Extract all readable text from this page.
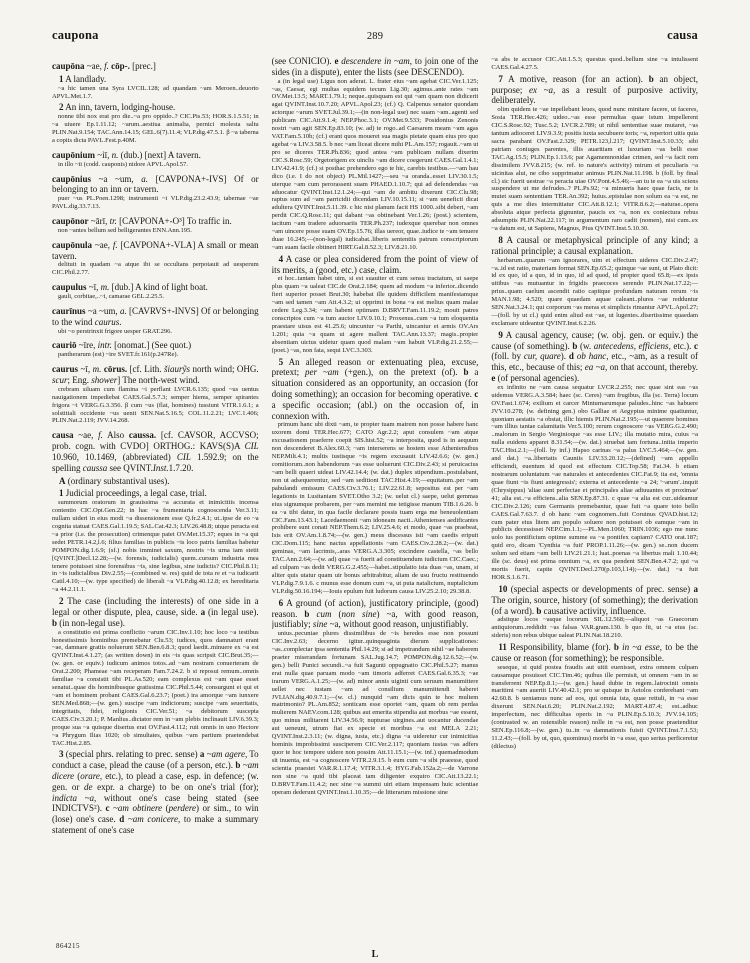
caupona	289	causa

caupōna ~ae, f. cōp-. [prec.]

1 A landlady.

~a hic tamen una Syra LVCIL.128; ad quandam ~am Meroen..deuorto APVL.Met.1.7.

2 An inn, tavern, lodging-house.

nonne tibi nox erat pro die..~a pro oppido..? CIC.Pis.53; HOR.S.1.5.51; in ~a uiuere Ep.1.11.12; ~arum..aestiua animalia, pernici molesta saltu PLIN.Nat.9.154; TAC.Ann.14.15; GEL.6(7).11.4; VLP.dig.47.5.1. β ~a taberna a copiis dicta PAVL.Fest.p.40M.

caupōnium ~iī, n. (dub.) [next] A tavern.

in illo ~ii (codd. cauponis) nidore APVL.Apol.57.

caupōnius ~a ~um, a. [CAVPONA+-IVS] Of or belonging to an inn or tavern.

puer ~us PL.Poen.1298; instrumenti ~i VLP.dig.23.2.43.9; tabernae ~ae PAVL.dig.33.7.13.

caupōnor ~ārī, tr. [CAVPONA+-O³] To traffic in.

non ~antes bellum sed belligerantes ENN.Ann.195.

caupōnula ~ae, f. [CAVPONA+-VLA] A small or mean tavern.

delituit in quadam ~a atque ibi se occultans perpotauit ad uesperum CIC.Phil.2.77.

caupulus ~ī, m. [dub.] A kind of light boat.

gauli, corbitae,..~i, camarae GEL.2.25.5.

caurīnus ~a ~um, a. [CAVRVS+-INVS] Of or belonging to the wind caurus.

ubi ~o perstrinxit frigore uesper GRAT.296.

cauriō ~īre, intr. [onomat.] (See quot.)

pantherarum (est) ~ire SVET.fr.161(p.247Re).

caurus ~ī, m. cōrus. [cf. Lith. šiaurỹs north wind; OHG. scur; Eng. shower] The north-west wind.

crebram siluam cum flamina ~i perflant LVCR.6.135; quod ~us uentus nauigationem impediebat CAES.Gal.5.7.3; semper hiems, semper spirantes frigora ~i VERG.G.3.356. β cum ~us (flat, homines) tussiunt VITR.1.6.1; a solstitiali occidente ~us uenit SEN.Nat.5.16.5; COL.11.2.21; LVC.1.406; PLIN.Nat.2.119; JVV.14.268.

causa ~ae, f. Also caussa. [cf. CAVSOR, ACCVSO; prob. cogn. with CVDO] ORTHOG.: KAVS(S)A CIL 10.960, 10.1469, (abbreviated) CIL 1.592.9; on the spelling caussa see QVINT.Inst.1.7.20.

A (ordinary substantival uses).

1 Judicial proceedings, a legal case, trial.

summorum oratorum in grauissima ~a accurata et inimicitiis incensa contentio CIC.Opt.Gen.22; in hac ~a frumentaria cognoscenda Ver.3.11; nullam uideri in eius modi ~a dissensionem esse Q.fr.2.4.1; ut..ipse de eo ~a cognita statuat CAES.Gal.1.19.5; SAL.Cat.42.3; LIV.26.48.8; utque peracta est ~a prior (i.e. the prosecution) crimenque patet OV.Met.15.37; eques in ~a qui sedet PETR.14.2,l.6; filius familias in publicis ~is loco patris familias habetur POMPON.dig.1.6.9; (sf.) nobis imminet saxum, nostris ~is urna iam stetit [QVINT.]Decl.12.28;—(w. forensis, iudicialis) quem..cursum industria mea tenere potuisset sine forensibus ~is, sine legibus, sine iudiciis? CIC.Phil.8.11; in ~is iudicialibus Div.2.55;—(combined w. res) quid de tota re et ~a iudicarit Catil.4.10;—(w. type specified) de liberali ~a VLP.dig.40.12.8; ex hereditaria ~a 44.2.11.1.

2 The case (including the interests) of one side in a legal or other dispute, plea, cause, side. a (in legal use). b (in non-legal use).

a constitutio est prima conflictio ~arum CIC.Inv.1.10; hoc loco ~a testibus honestissimis hominibus premebatur Clu.53; iudices, quos damnaturi erant ~ae, damnare gratiis noluerunt SEN.Ben.6.8.3; quod laedit..minuere ex ~a est QVINT.Inst.4.1.27; (as written down) in eis ~is quas scripsit CIC.Brut.35;—(w. gen. or equiv.) iudicum animos totos..ad ~am nostram conuerteram de Orat.2.200; Phameae ~am receperam Fam.7.24.2. b si reposui remum..omnis familiae ~a consistit tibi PL.As.520; eam complexus est ~am quae esset senatui..quae dis hominibusque gratissima CIC.Phil.5.44; consurgunt ei qui et ~am et hominem probant CAES.Gal.6.23.7; (poet.) ira amorque ~am iunxere SEN.Med.868;—(w. gen.) suscipe ~am indiciorum; suscipe ~am seueritatis, integritatis, fidei, religionis CIC.Ver.51; ~a debitorum suscepta CAES.Civ.3.20.1; P. Manlius..dictator rem in ~am plebis inclinauit LIV.6.39.3; proque sua ~a quisque disertus erat OV.Fast.4.112; ruit omnis in uno Hectore ~a Phrygum Ilias 1020; ob simultates, quibus ~am partium praetendebat TAC.Hist.2.85.

3 (special phrs. relating to prec. sense) a ~am agere, To conduct a case, plead the cause (of a person, etc.). b ~am dicere (orare, etc.), to plead a case, esp. in defence; (w. gen. or de expr. a charge) to be on one's trial (for); indicta ~a, without one's case being stated (see INDICTVS²). c ~am obtinere (perdere) or sim., to win (lose) one's case. d ~am conicere, to make a summary statement of one's case

(see CONICIO). e descendere in ~am, to join one of the sides (in a dispute), enter the lists (see DESCENDO).

a (in legal use) Ligus non aderat. L. frater eius ~am agebat CIC.Ver.1.125; ~as, Caesar, egi multas equidem tecum Lig.30; agimus..ante rates ~am OV.Met.13.5; MART.1.79.1; neque..quisquam est qui ~am quam non didicerit agat QVINT.Inst.10.7.20; APVL.Apol.23; (cf.) Q. Calpenus senator quondam actorque ~arum SVET.Jul.39.1;—(in non-legal use) nec suam ~am..agenti sed publicam CIC.Att.9.1.4; NEP.Phoc.3.1; OV.Met.9.533; Posidonius Zenonis nostri ~am agit SEN.Ep.83.10; (w. ad) te rogo..ad Caesarem meam ~am agas VAT.Fam.5.10b; (cf.) erant quos moueret sua magis pietate quam eius pro quo agebat ~a LIV.3.58.5. b nec ~am liceat dicere mihi PL.Am.157; rogauit..~am ut pro se diceres TER.Ph.836; quod antea ~am publicam nullam dixerim CIC.S.Rosc.59; Orgetorigem ex uinclis ~am dicere coegerunt CAES.Gal.1.4.1; LIV.42.41.9; (cf.) si posthac prehendero ego te hic, carebis testibus.—~am hau dico (i.e. I do not object) PL.Mil.1427;—seu ~a oranda..esset LIV.30.1.5; uterque ~am cum perorassent suam PHAED.1.10.7; qui ad defendendas ~as aduocatur QVINT.Inst.12.1.24;—qui ~am de ambitu dixerunt CIC.Clu.98; raptus sum ad ~am parricidii dicendam LIV.10.15.11; si ~am ueneficii dicat adultera QVINT.Inst.5.11.39. c hic nisi planum facit HS 1000..sibi deberi, ~am perdit CIC.Q.Rosc.11; qui dabant ~as obtinebant Ver.1.26; (post.) scientem, tacitum ~am tradere aduorsariis TER.Ph.237; iudexque querebar non omnes ~am uincere posse suam OV.Ep.15.76; illas uereor, quae..iudice te ~am tenuere duae 16.245;—(non-legal) iudicabat..liberis sententiis patrum conscriptorum ~am suam facile obtineri HIRT.Gal.8.52.3; LIV.8.21.10.

4 A case or plea considered from the point of view of its merits, a (good, etc.) case, claim.

et hoc..tantam habet uim, si est suauiter et cum sensu tractatum, ut saepe plus quam ~a ualeat CIC.de Orat.2.184; quem ad modum ~a inferior..dicendo fieri superior posset Brut.30; habebat ille quidem difficilem manifestamque ~am sed tamen ~am Att.4.3.2; ui opprimi in bona ~a est melius quam malae cedere Leg.3.34; ~am habent optimam D.BRVT.Fam.11.19.2; mouit patres conscriptos cum ~a tum auctor LIV.9.10.1; Proxenus..cum ~a tum eloquentia praestare uisus est 41.25.6; uincuntur ~a Parthi, uincantur et armis OV.Ars 1.201; quia ~a quam ui agere mallent TAC.Ann.13.37; magis..propter absentiam uictus uidetur quam quod malam ~am habuit VLP.dig.21.2.55;—(poet.) ~as, non fata, sequi LVC.3.303.

5 An alleged reason or extenuating plea, excuse, pretext; per ~am (+gen.), on the pretext (of). b a situation considered as an opportunity, an occasion (for doing something); an occasion for becoming operative. c a specific occasion; (abl.) on the occasion of, in connexion with.

primum hanc ubi dixti ~am, te propter tuam matrem non posse habere hanc uxorem domi TER.Hec.677; CATO Agr.2.2; aput consulem ~am atque excusationem praeferre coepit SIS.hist.52; ~a interposita, quod is in aequum non descenderet B.Alex.60.3; ~am interserens se hostem esse Atheniensibus NEP.Milt.4.1; multis iustisque ~is regem excusauit LIV.42.6.6; (w. gen.) comitiorum..non habendorum ~as esse uoluerunt CIC.Div.2.43; si peruicacius ~am belli quaeri uideat LIV.42.14.4; (w. dat.) duplex stipendium..postulabant, non ut adsequerentur, sed ~am seditioni TAC.Hist.4.19;—equitatum..per ~am pabulandi emissum CAES.Civ.3.76.1; LIV.22.61.8; sepositus est per ~am legationis in Lusitaniam SVET.Otho 3.2; (w. uelut cl.) saepe, uelut gemmas eius signumque probarem, per ~am memini me tetigisse manum TIB.1.6.26. b ea ~a tibi datur, in qua facile declarare possis tuam erga me beneuolentiam CIC.Fam.13.43.1; Lacedaemonii ~am idoneam nacti..Athenienses aedificantes prohibere sunt conati NEP.Them.6.2; LIV.25.4.6; et modo, quae ~as praebeat, Isis erit OV.Am.1.8.74;—(w. gen.) meus discessus isti ~am caedis eripuit CIC.Dom.115; hanc nactus appellationis ~am CAES.Civ.2.28.2;—(w. dat.) geminas, ~am lacrimis,..aras VERG.A.3.305; excindere castella, ~as bello TAC.Ann.2.64;—(w. ad) quae ~a fuerit ad constituendum iudicium CIC.Caec.; ad culpam ~as dedit VERG.G.2.455;—habet..stipulatio ista duas ~as, unam, si aliter quis utatur quam uir bonus arbitrabitur, aliam de usu fructu restituendo VLP.dig.7.9.1.6. c munus esse donum cum ~a, ut puta natalicium, nuptalicium VLP.dig.50.16.194;—Iouis epulum fuit ludorum causa LIV.25.2.10; 29.38.8.

6 A ground (of action), justificatory principle, (good) reason. b cum (non sine) ~a, with good reason, justifiably; sine ~a, without good reason, unjustifiably.

unius..pecuniae plures dissimilibus de ~is heredes esse non possunt CIC.Inv.2.63; decerno igitur..quinquaginta dierum supplicationes: ~as..complectar ipsa sententia Phil.14.29; si ad impetrandum nihil ~ae haberem praeter miserandam fortunam SAL.Jug.14.7; POMPON.dig.12.6.52;—(w. gen.) belli Punici secundi..~a fuit Sagunti oppugnatio CIC.Phil.5.27; manus erat nulla quae paruam modo ~am timoris adferret CAES.Gal.6.35.3; ~ae irarum VERG.A.1.25;—(w. ad) minor annis uiginti cum seruum manumittere uellet nec iustam ~am ad consilium manumittendi haberet JVLIAN.dig.40.9.7.1;—(w. cl.) nunquid ~am dicis quin te hoc multem matrimonio? PL.Am.852; sonticam esse oportet ~am, quam ob rem perdas mulierem NAEV.com.128; quibus aut emerita stipendia aut morbus ~ae essent, quo minus militarent LIV.34.56.9; nupturae uirgines..aut uocantur ducendae aut ueneunt, utrum fiat ex specie et moribus ~a est MELA 2.21; QVINT.Inst.2.3.11; (w. digna, iusta, etc.) digna ~a uideretur cur inimicitias hominis improbissimi susciperem CIC.Ver.2.117; quoniam iustas ~as adfers quor te hoc tempore uidere non possim Att.11.15.1;—(w. inf.) quemadmodum sit inuenta, est ~a cognoscere VITR.2.9.15. b eum cum ~a sibi praeesse, quod scientia praestet VAR.R.1.17.4; VITR.3.1.4; HYG.Fab.152a.2;—de Varrone non sine ~a quid tibi placeat tam diligenter exquiro CIC.Att.13.22.1; D.BRVT.Fam.11.4.2; nec sine ~a summi uiri etiam impensam huic scientiae operam dederunt QVINT.Inst.1.10.35;—de litterarum missione sine

~a abs te accusor CIC.Att.1.5.3; questus quod..bellum sine ~a intulissent CAES.Gal.4.27.5.

7 A motive, reason (for an action). b an object, purpose; ex ~a, as a result of purposive activity, deliberately.

olim quidem te ~ae inpellebant leues, quod nunc minitare facere, ut faceres, Sosia TER.Hec.426; uideo..~as esse permultas quae istum impellerent CIC.S.Rosc.92; Tusc.5.2; LVCR.2.789; ut nihil sententiae suae mutaret, ~as tantum adioceret LIV.9.3.9; positis iuxta secubuere toris; ~a, repertori uitis quia sacra parabant OV.Fast.2.329; PETR.123,l.217; QVINT.Inst.5.10.33; sibi patriam coniuges parentes, illis auaritiam et luxuriam ~as belli esse TAC.Ag.15.5; PLIN.Ep.1.13.6; par Agamemnonidae crimen, sed ~a facit rem dissimilem JVV.8.215; (w. ref. to nature's activity) mirum et peculiaris ~a uicinitas alui, ne cibo supprimatur animus PLIN.Nat.11.198. b (foll. by final cl.) sic fuerit uestrae ~a peracta uiae OV.Pont.4.5.46;—an tu te ea ~a uis sciens suspendere ut me defrudes..? PL.Ps.92; ~a minueris haec quae facis, ne is mutet suam sententiam TER.An.392; huius..epistulae non solum ea ~a est, ne quis a me dies intermittatur CIC.Att.8.12.1; VITR.8.6.2;—naturae..opera absoluta atque perfecta gignuntur, paucis ex ~a, non ex coniectura rebus adsumptis PLIN.Nat.22.117; in argumentum raro cadit (nomen), nisi cum..ex ~a datum est, ut Sapiens, Magnus, Pius QVINT.Inst.5.10.30.

8 A causal or metaphysical principle of any kind; a rational principle; a causal explanation.

herbarum..quarum ~am ignorares, uim et effectum uideres CIC.Div.2.47; ~a..id est ratio, materiam format SEN.Ep.65.2; quinque ~ae sunt, ut Plato dicit: id ex quo, id a quo, id in quo, id ad quod, id propter quod 65.8;—ex ipsis uitibus ~as mutuantur in frigidis praecoces serendo PLIN.Nat.17.22;—prius..quam caelum ascendit ratio capitque profundam naturam rerum ~is MAN.1.98; 4.520; quare quaedam aquae caleant..plures ~ae redduntur SEN.Nat.3.24.1; qui corporum ~as meras et simplicis rimantur APVL.Apol.27;—(foll. by ut cl.) quid enim aliud est ~ae, ut lugentes..disertissime quaedam exclamare uideantur QVINT.Inst.6.2.26.

9 A causal agency, cause; (w. obj. gen. or equiv.) the cause (of something). b (w. antecedens, efficiens, etc.). c (foll. by cur, quare). d ob hanc, etc., ~am, as a result of this, etc., because of this; ea ~a, on that account, thereby. e (of personal agencies).

ex infinito ne ~am causa sequatur LVCR.2.255; nec quae sint eas ~as uidemus VERG.A.3.584; haec (sc. Ceres) ~am frugibus, illa (sc. Terra) locum OV.Fast.1.674; exilium et carcer Minturnarumque paludes..hinc ~as habuere JVV.10.278; (w. defining gen.) obo Galliae et Aegyptus minime quatiuntur, quoniam aestatis ~a obstat, illic hiemis PLIN.Nat.2.195;—ut quaerere homines ~am illius tantae calamitatis Ver.5.100; rerum cognoscere ~as VERG.G.2.490; ..malorum in Sergio Verginioque ~as esse LIV.; illa mutatio mira, cuius ~a nulla euidens apparet 8.31.54;—(w. dat.) struebat iam fortuna..initia imperio TAC.Hist.2.1;—(foll. by inf.) Hapso carinas ~a palus LVC.5.464;—(w. gen. and dat.) ~a..libertatis Cauniis LIV.33.20.12;—(defined) ~am appello efficiendi, euentum id quod est effectum CIC.Top.58; Fat.34. b etiam nostrarum uoluntatum ~ae naturales et antecedentes CIC.Fat.9; ita est, 'omnia quae fiunt ~is fiunt antegressis'; externa et antecedente ~a 24; '~arum'..inquit (Chrysippus) 'aliae sunt perfectae et principales aliae adiuuantes et proximae' 41; alia est..~a efficiens..alia SEN.Ep.87.31. c quae ~a alia est cur..uideamur CIC.Div.2.126; cum Germanis premebantur, quae fuit ~a quare toto bello CAES.Gal.7.63.7. d ob hanc ~am cognomen..fuit Coruinus QVAD.hist.12; cum pater eius litem am populo soluere non potuisset ob eamque ~am in publicis decessisset NEP.Cim.1.1;—PL.Men.1060; TRIN.1036; ego me nunc uolo ius pontificium optime summe ea ~a pontifex capiam? CATO orat.187; quid ero, dicam 'Cynthia ~a fuit' PROP.1.11.26;—(w. gen.) se..non ducem solum sed etiam ~am belli LIV.21.21.1; luat..poenas ~a libertus mali 1.10.44; ille (sc. deus) est prima omnium ~a, ex qua pendent SEN.Ben.4.7.2; qui ~a mortis fuerit, capite QVINT.Decl.270(p.103,l.14);—(w. dat.) ~a fuit HOR.S.1.6.71.

10 (special aspects or developments of prec. sense) a The origin, source, history (of something); the derivation (of a word). b causative activity, influence.

adsitque locos ~asque locorum SIL.12.568;—aliquot ~as Graecorum antiquiorum..reddidit ~as falsas VAR.gram.130. b quo fit, ut ~a eius (sc. sideris) non rebus ubique ualeat PLIN.Nat.18.210.

11 Responsibility, blame (for). b in ~a esse, to be the cause or reason (for something); be responsible.

seseque, si quid postea fraudis aut uitii euenisset, extra omnem culpam causamque posuisset CIC.Tim.46; quibus ille permisit, ut omnem ~am in se transferrent NEP.Ep.8.1;—(w. gen.) haud dubie in regem..latrocinii omnis maritimi ~am auertit LIV.40.42.1; pro se quisque in Aetolos conferebant ~am 42.60.8. b ueniamus nunc ad eos, qui omnia ista, quae rettuli, in ~a esse dixerunt SEN.Nat.6.20; PLIN.Nat.2.192; MART.4.87.4; est..adhuc imperfectum, nec difficultas operis in ~a PLIN.Ep.5.10.3; JVV.14.105; (contrasted w. an ostensible reason) nolle in ~a est, non posse praetenditur SEN.Ep.116.8;—(w. gen.) tu..in ~a damnationis fuisti QVINT.Inst.7.1.53; 11.2.43;—(foll. by ut, quo, quominus) morbi in ~a esse, quo serius perficeretur (dilectus)

864215
L
